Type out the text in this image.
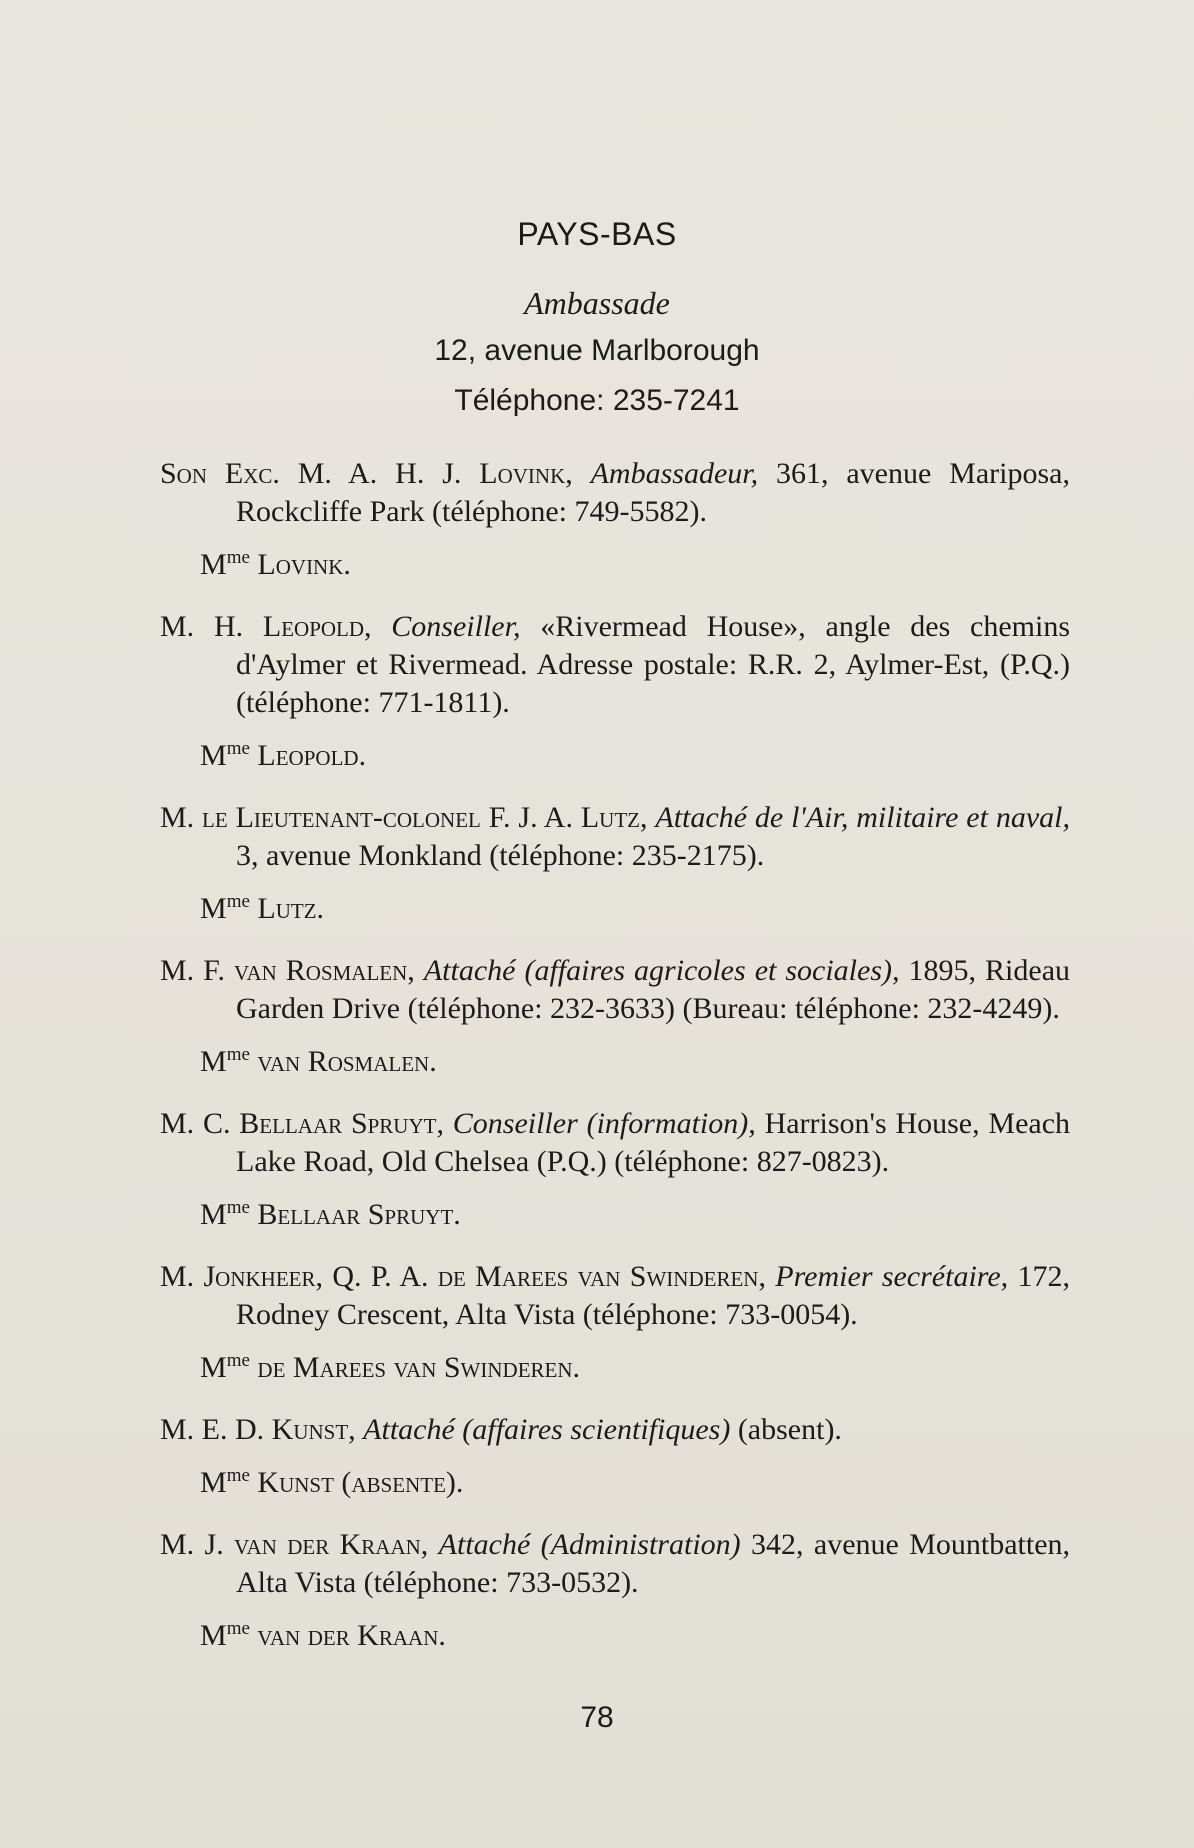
PAYS-BAS
Ambassade
12, avenue Marlborough
Téléphone: 235-7241
Son Exc. M. A. H. J. Lovink, Ambassadeur, 361, avenue Mariposa, Rockcliffe Park (téléphone: 749-5582).
$M^{me}$ Lovink.
M. H. Leopold, Conseiller, «Rivermead House», angle des chemins d'Aylmer et Rivermead. Adresse postale: R.R. 2, Aylmer-Est, (P.Q.) (téléphone: 771-1811).
$M^{me}$ Leopold.
M. le Lieutenant-colonel F. J. A. Lutz, Attaché de l'Air, militaire et naval, 3, avenue Monkland (téléphone: 235-2175).
$M^{me}$ Lutz.
M. F. van Rosmalen, Attaché (affaires agricoles et sociales), 1895, Rideau Garden Drive (téléphone: 232-3633) (Bureau: téléphone: 232-4249).
$M^{me}$ van Rosmalen.
M. C. Bellaar Spruyt, Conseiller (information), Harrison's House, Meach Lake Road, Old Chelsea (P.Q.) (téléphone: 827-0823).
$M^{me}$ Bellaar Spruyt.
M. Jonkheer, Q. P. A. de Marees van Swinderen, Premier secrétaire, 172, Rodney Crescent, Alta Vista (téléphone: 733-0054).
$M^{me}$ de Marees van Swinderen.
M. E. D. Kunst, Attaché (affaires scientifiques) (absent).
$M^{me}$ Kunst (absente).
M. J. van der Kraan, Attaché (Administration) 342, avenue Mountbatten, Alta Vista (téléphone: 733-0532).
$M^{me}$ van der Kraan.
78
